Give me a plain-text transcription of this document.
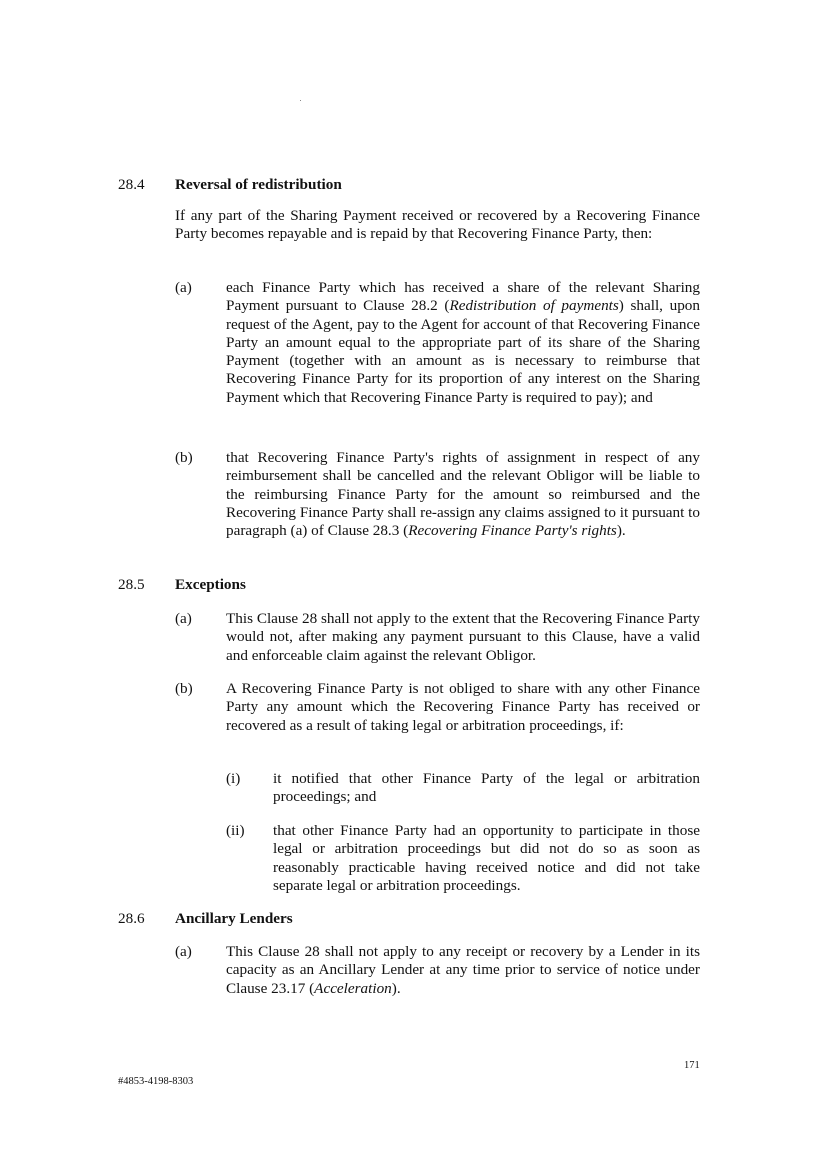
28.4	Reversal of redistribution
If any part of the Sharing Payment received or recovered by a Recovering Finance Party becomes repayable and is repaid by that Recovering Finance Party, then:
(a)	each Finance Party which has received a share of the relevant Sharing Payment pursuant to Clause 28.2 (Redistribution of payments) shall, upon request of the Agent, pay to the Agent for account of that Recovering Finance Party an amount equal to the appropriate part of its share of the Sharing Payment (together with an amount as is necessary to reimburse that Recovering Finance Party for its proportion of any interest on the Sharing Payment which that Recovering Finance Party is required to pay); and
(b)	that Recovering Finance Party's rights of assignment in respect of any reimbursement shall be cancelled and the relevant Obligor will be liable to the reimbursing Finance Party for the amount so reimbursed and the Recovering Finance Party shall re-assign any claims assigned to it pursuant to paragraph (a) of Clause 28.3 (Recovering Finance Party's rights).
28.5	Exceptions
(a)	This Clause 28 shall not apply to the extent that the Recovering Finance Party would not, after making any payment pursuant to this Clause, have a valid and enforceable claim against the relevant Obligor.
(b)	A Recovering Finance Party is not obliged to share with any other Finance Party any amount which the Recovering Finance Party has received or recovered as a result of taking legal or arbitration proceedings, if:
(i)	it notified that other Finance Party of the legal or arbitration proceedings; and
(ii)	that other Finance Party had an opportunity to participate in those legal or arbitration proceedings but did not do so as soon as reasonably practicable having received notice and did not take separate legal or arbitration proceedings.
28.6	Ancillary Lenders
(a)	This Clause 28 shall not apply to any receipt or recovery by a Lender in its capacity as an Ancillary Lender at any time prior to service of notice under Clause 23.17 (Acceleration).
171
#4853-4198-8303
